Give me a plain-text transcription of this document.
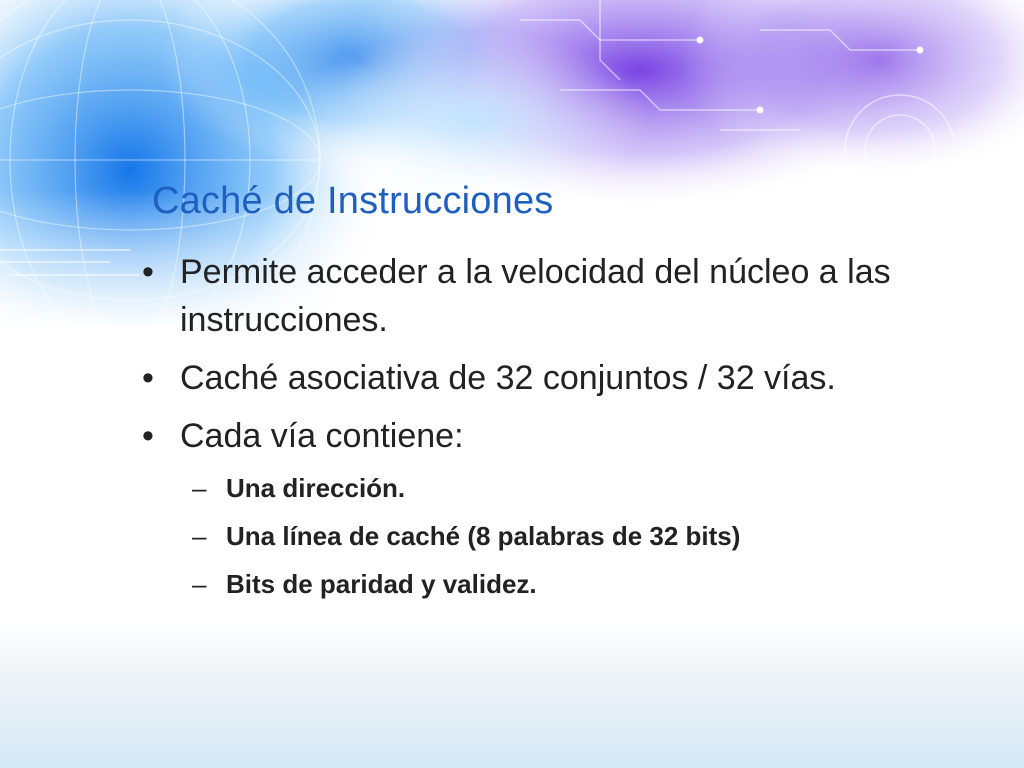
Caché de Instrucciones
• Permite acceder a la velocidad del núcleo a las instrucciones.
• Caché asociativa de 32 conjuntos / 32 vías.
• Cada vía contiene:
– Una dirección.
– Una línea de caché (8 palabras de 32 bits)
– Bits de paridad y validez.
